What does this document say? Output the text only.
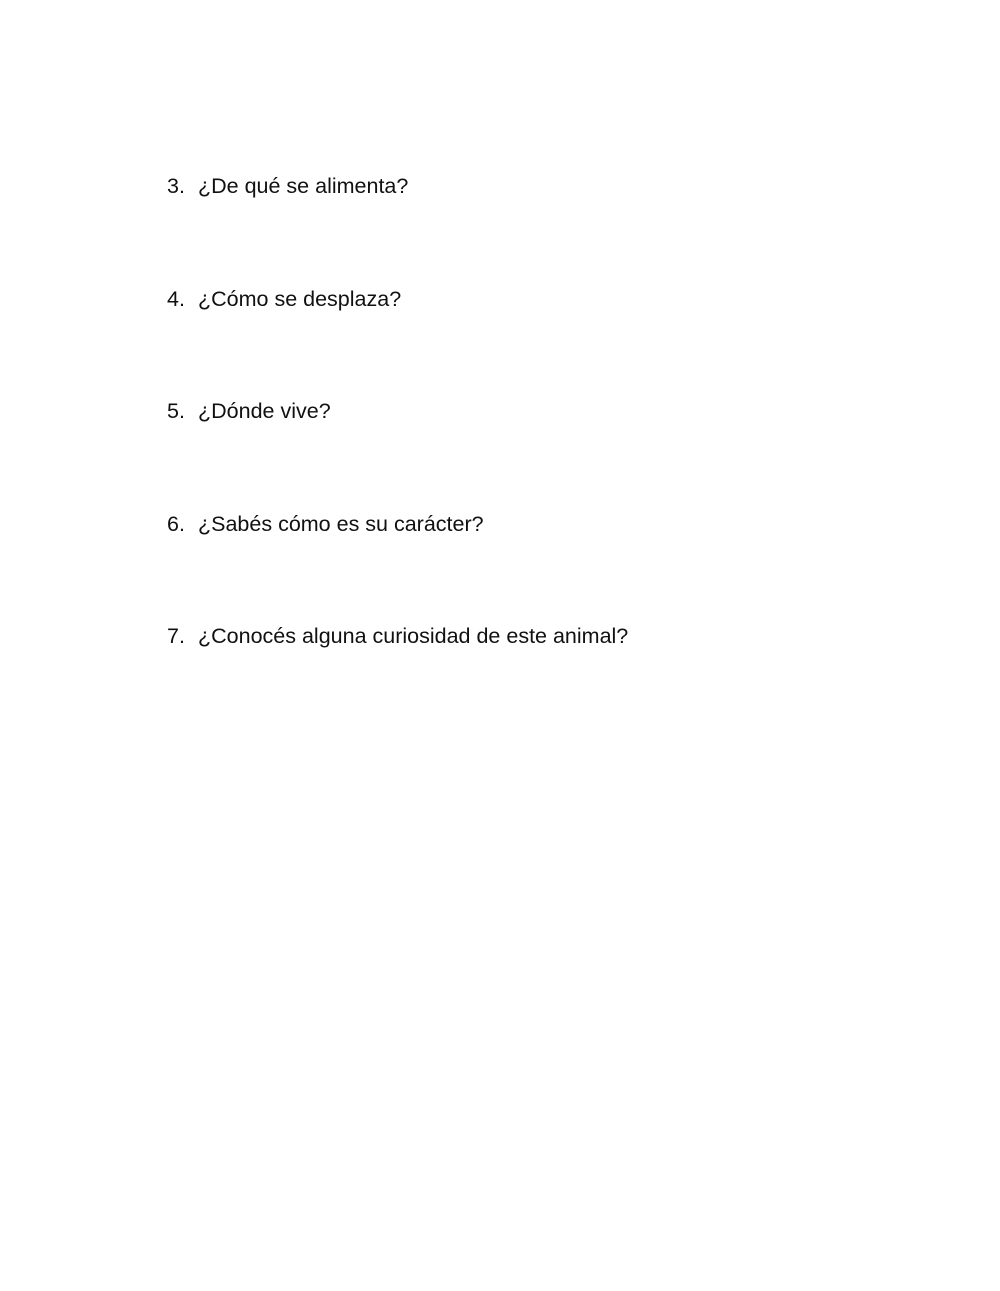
3. ¿De qué se alimenta?
4. ¿Cómo se desplaza?
5. ¿Dónde vive?
6. ¿Sabés cómo es su carácter?
7. ¿Conocés alguna curiosidad de este animal?
